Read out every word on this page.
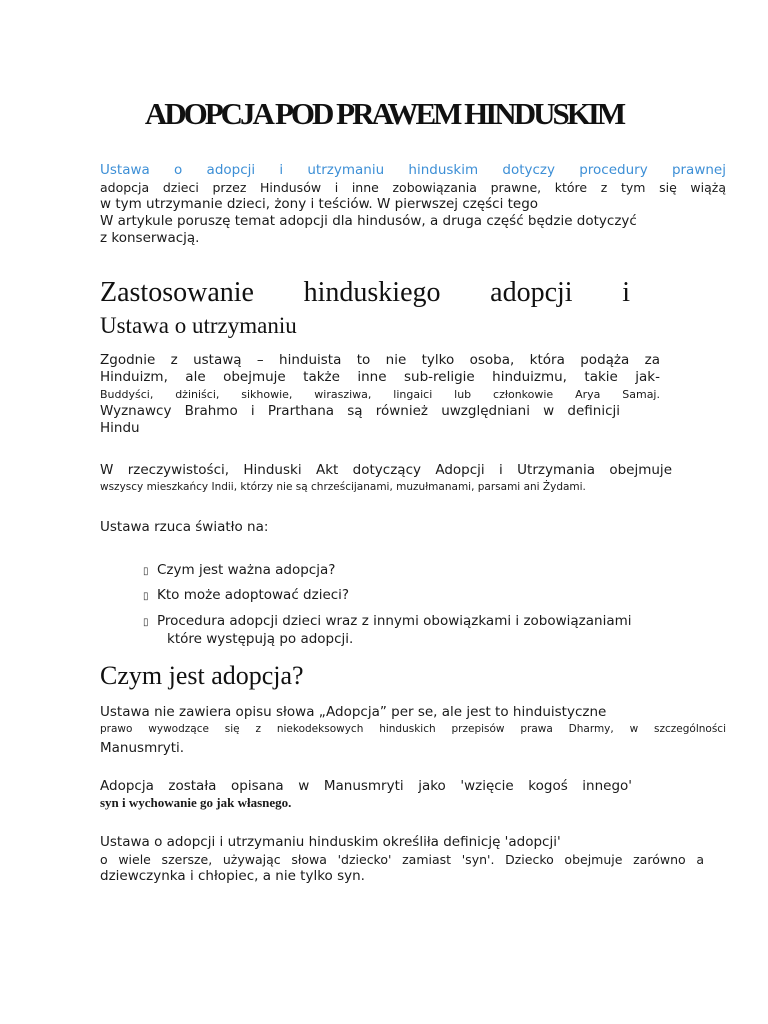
ADOPCJA POD PRAWEM HINDUSKIM
Ustawa o adopcji i utrzymaniu hinduskim dotyczy procedury prawnej
adopcja dzieci przez Hindusów i inne zobowiązania prawne, które z tym się wiążą
w tym utrzymanie dzieci, żony i teściów. W pierwszej części tego
W artykule poruszę temat adopcji dla hindusów, a druga część będzie dotyczyć
z konserwacją.
Zastosowanie hinduskiego adopcji i
Ustawa o utrzymaniu
Zgodnie z ustawą – hinduista to nie tylko osoba, która podąża za
Hinduizm, ale obejmuje także inne sub-religie hinduizmu, takie jak-
Buddyści, dżiniści, sikhowie, wirasziwa, lingaici lub członkowie Arya Samaj.
Wyznawcy Brahmo i Prarthana są również uwzględniani w definicji
Hindu
W rzeczywistości, Hinduski Akt dotyczący Adopcji i Utrzymania obejmuje
wszyscy mieszkańcy Indii, którzy nie są chrześcijanami, muzułmanami, parsami ani Żydami.
Ustawa rzuca światło na:
▯ Czym jest ważna adopcja?
▯ Kto może adoptować dzieci?
▯ Procedura adopcji dzieci wraz z innymi obowiązkami i zobowiązaniami
które występują po adopcji.
Czym jest adopcja?
Ustawa nie zawiera opisu słowa „Adopcja” per se, ale jest to hinduistyczne
prawo wywodzące się z niekodeksowych hinduskich przepisów prawa Dharmy, w szczególności
Manusmryti.
Adopcja została opisana w Manusmryti jako 'wzięcie kogoś innego'
syn i wychowanie go jak własnego.
Ustawa o adopcji i utrzymaniu hinduskim określiła definicję 'adopcji'
o wiele szersze, używając słowa 'dziecko' zamiast 'syn'. Dziecko obejmuje zarówno a
dziewczynka i chłopiec, a nie tylko syn.
